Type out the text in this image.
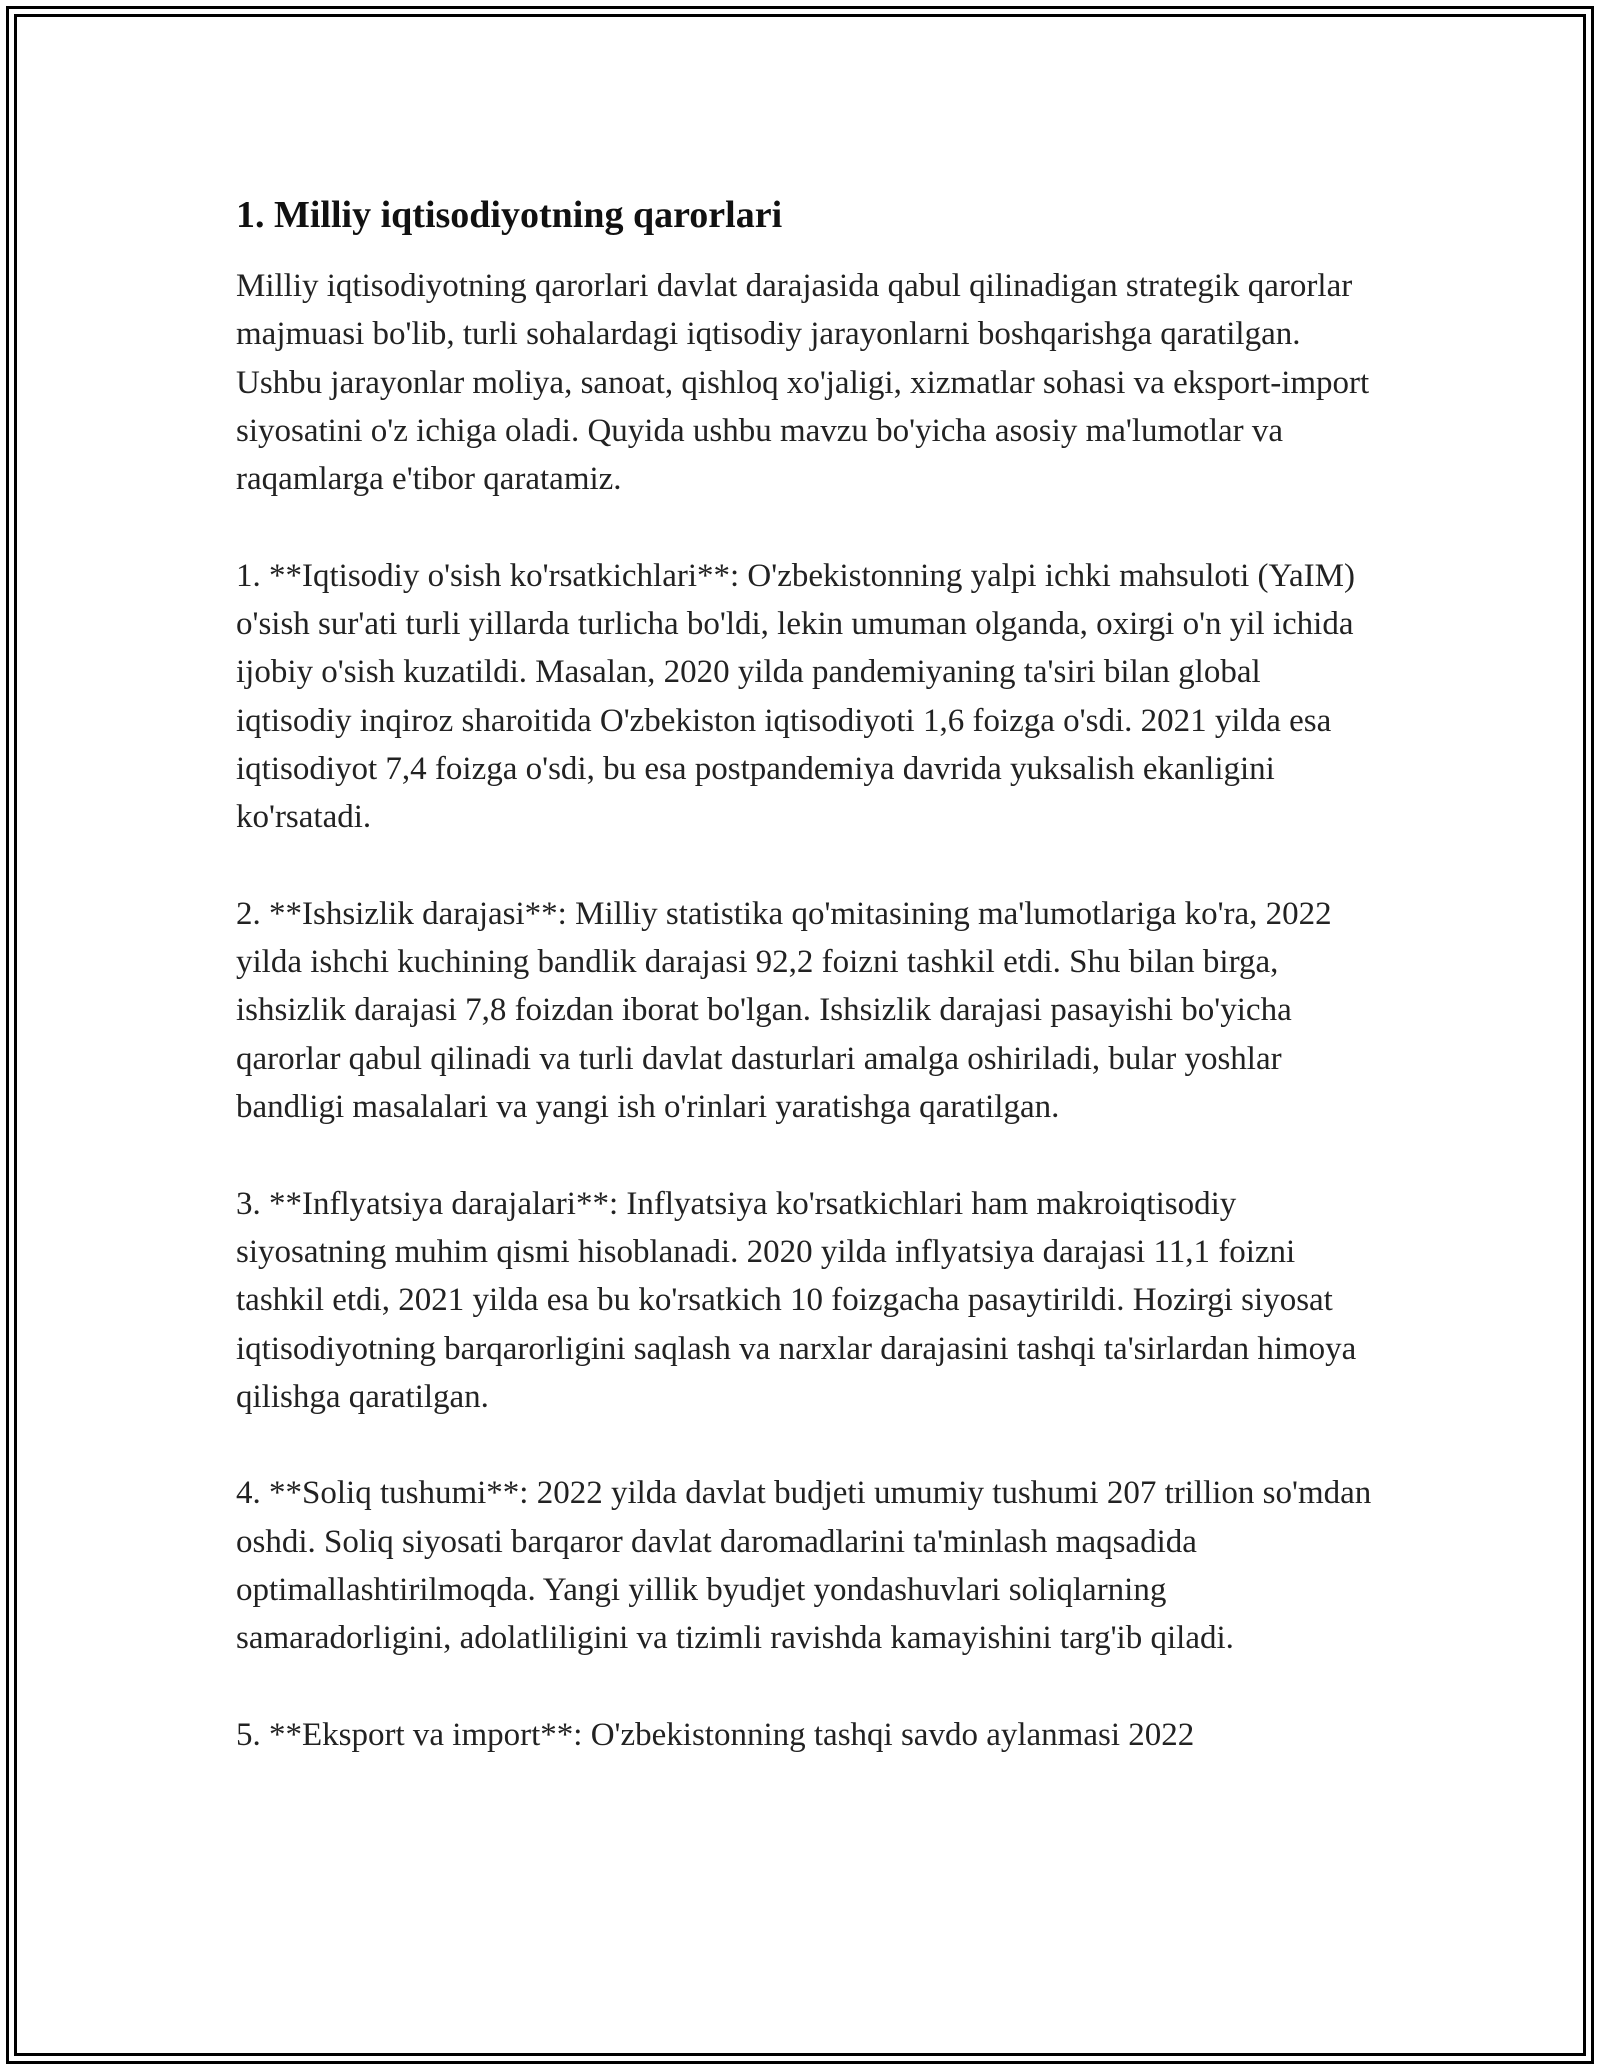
1. Milliy iqtisodiyotning qarorlari

Milliy iqtisodiyotning qarorlari davlat darajasida qabul qilinadigan strategik qarorlar majmuasi bo'lib, turli sohalardagi iqtisodiy jarayonlarni boshqarishga qaratilgan. Ushbu jarayonlar moliya, sanoat, qishloq xo'jaligi, xizmatlar sohasi va eksport-import siyosatini o'z ichiga oladi. Quyida ushbu mavzu bo'yicha asosiy ma'lumotlar va raqamlarga e'tibor qaratamiz.

1. **Iqtisodiy o'sish ko'rsatkichlari**: O'zbekistonning yalpi ichki mahsuloti (YaIM) o'sish sur'ati turli yillarda turlicha bo'ldi, lekin umuman olganda, oxirgi o'n yil ichida ijobiy o'sish kuzatildi. Masalan, 2020 yilda pandemiyaning ta'siri bilan global iqtisodiy inqiroz sharoitida O'zbekiston iqtisodiyoti 1,6 foizga o'sdi. 2021 yilda esa iqtisodiyot 7,4 foizga o'sdi, bu esa postpandemiya davrida yuksalish ekanligini ko'rsatadi.

2. **Ishsizlik darajasi**: Milliy statistika qo'mitasining ma'lumotlariga ko'ra, 2022 yilda ishchi kuchining bandlik darajasi 92,2 foizni tashkil etdi. Shu bilan birga, ishsizlik darajasi 7,8 foizdan iborat bo'lgan. Ishsizlik darajasi pasayishi bo'yicha qarorlar qabul qilinadi va turli davlat dasturlari amalga oshiriladi, bular yoshlar bandligi masalalari va yangi ish o'rinlari yaratishga qaratilgan.

3. **Inflyatsiya darajalari**: Inflyatsiya ko'rsatkichlari ham makroiqtisodiy siyosatning muhim qismi hisoblanadi. 2020 yilda inflyatsiya darajasi 11,1 foizni tashkil etdi, 2021 yilda esa bu ko'rsatkich 10 foizgacha pasaytirildi. Hozirgi siyosat iqtisodiyotning barqarorligini saqlash va narxlar darajasini tashqi ta'sirlardan himoya qilishga qaratilgan.

4. **Soliq tushumi**: 2022 yilda davlat budjeti umumiy tushumi 207 trillion so'mdan oshdi. Soliq siyosati barqaror davlat daromadlarini ta'minlash maqsadida optimallashtirilmoqda. Yangi yillik byudjet yondashuvlari soliqlarning samaradorligini, adolatliligini va tizimli ravishda kamayishini targ'ib qiladi.

5. **Eksport va import**: O'zbekistonning tashqi savdo aylanmasi 2022
